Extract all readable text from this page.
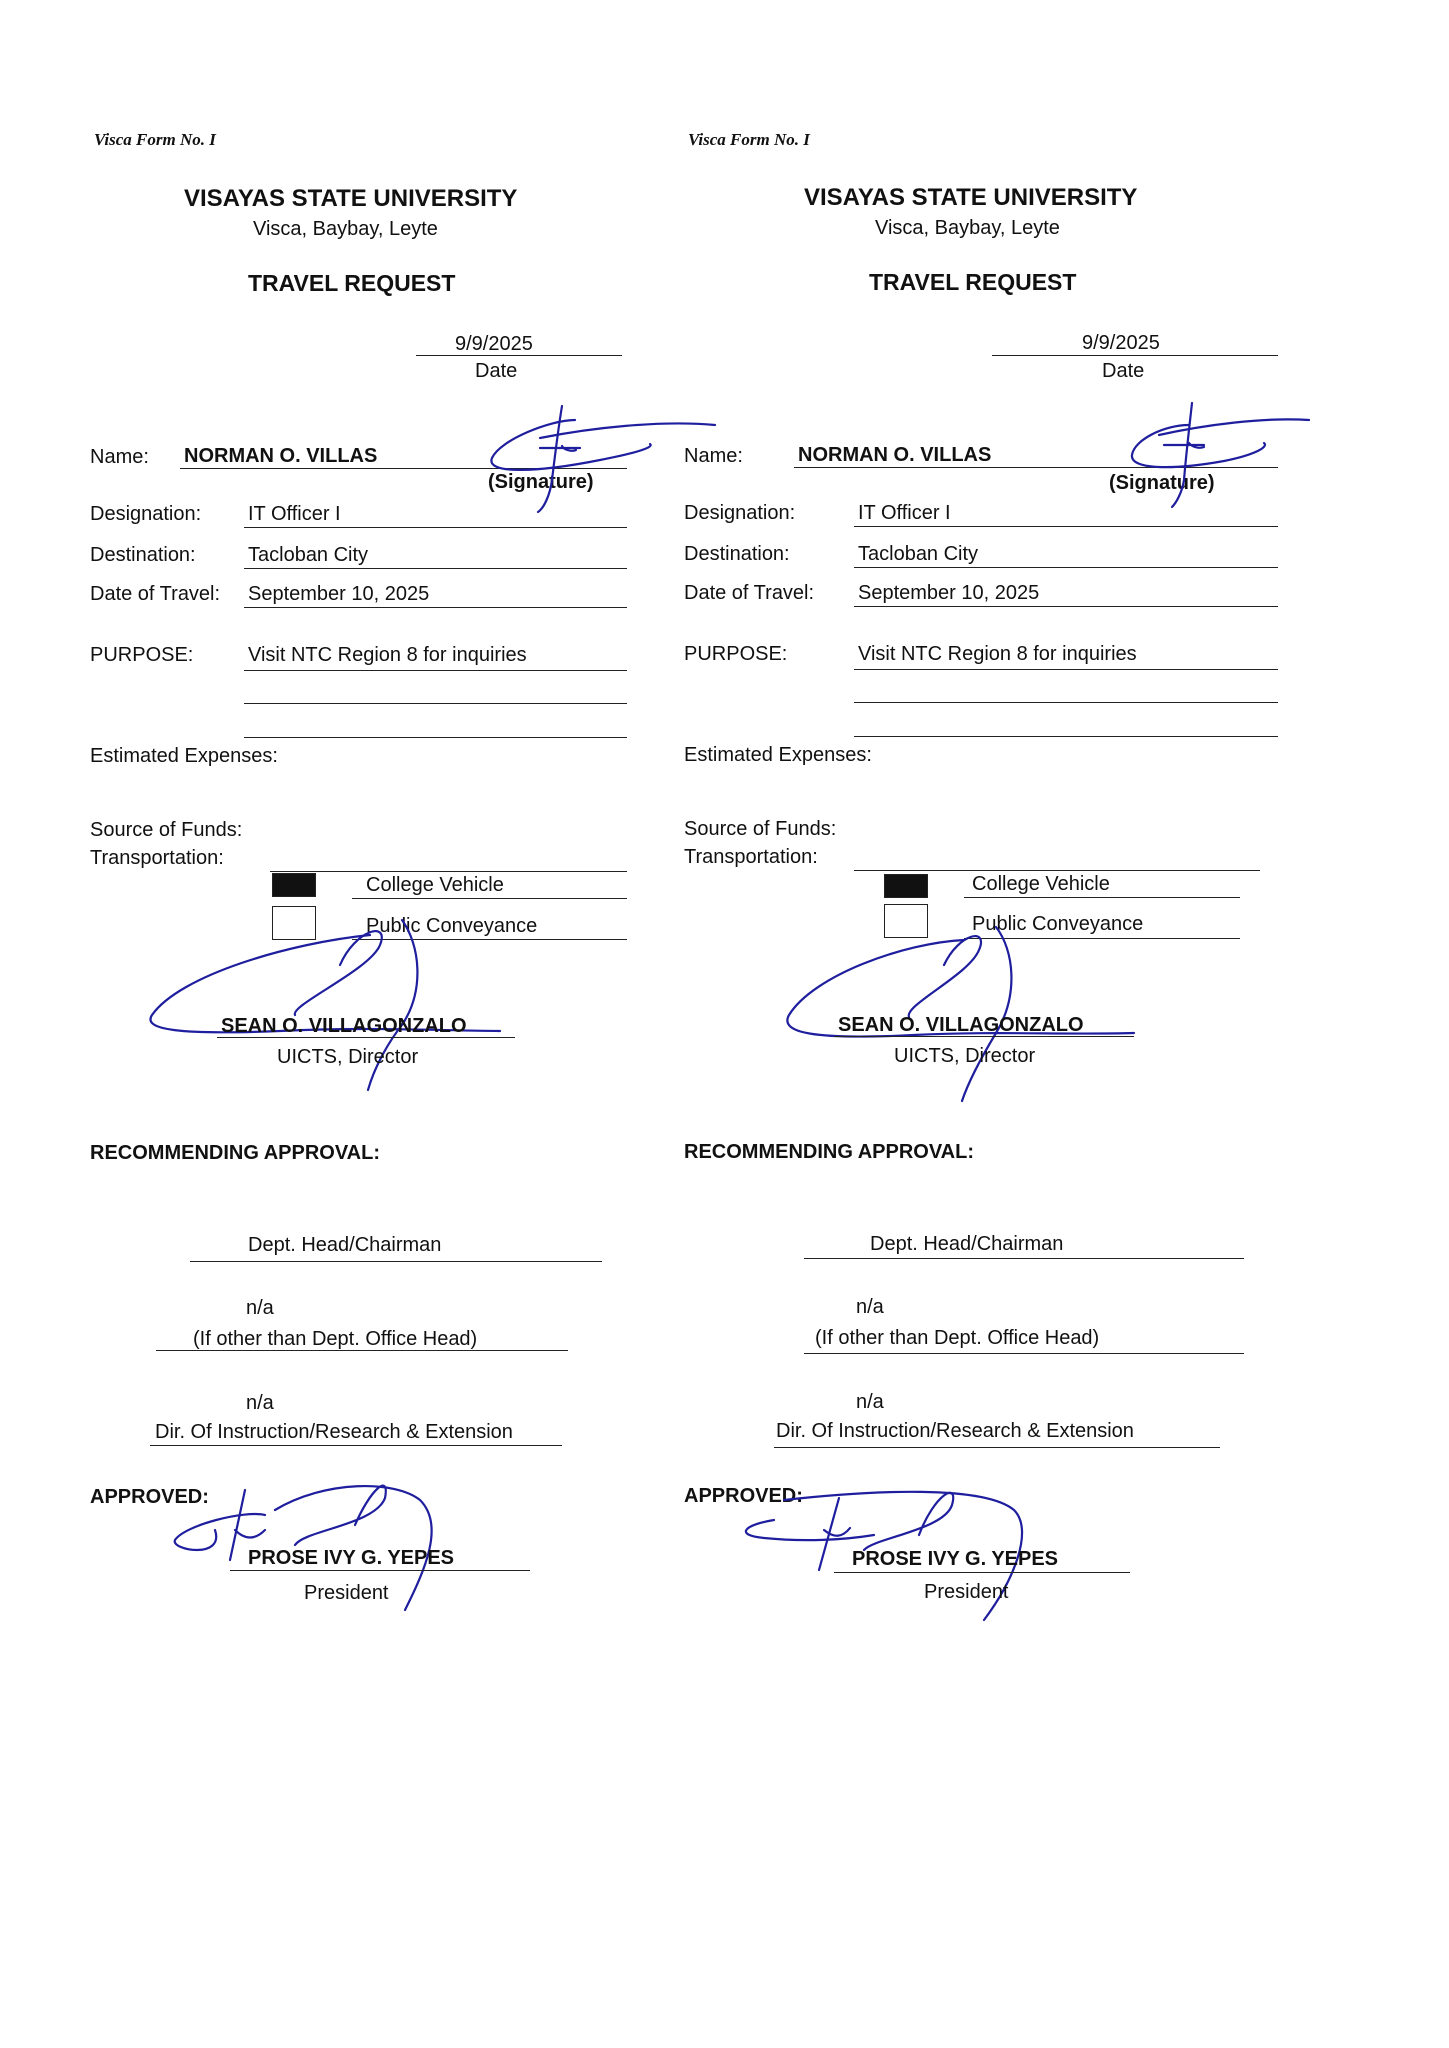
Visca Form No. I
VISAYAS STATE UNIVERSITY
Visca, Baybay, Leyte
TRAVEL REQUEST
9/9/2025
Date
Name: NORMAN O. VILLAS
(Signature)
Designation: IT Officer I
Destination:	Tacloban City
Date of Travel: September 10, 2025
PURPOSE:	Visit NTC Region 8 for inquiries
Estimated Expenses:
Source of Funds:
Transportation:
College Vehicle
Public Conveyance
SEAN O. VILLAGONZALO
UICTS, Director
RECOMMENDING APPROVAL:
Dept. Head/Chairman
n/a
(If other than Dept. Office Head)
n/a
Dir. Of Instruction/Research & Extension
APPROVED:
PROSE IVY G. YEPES
President
Visca Form No. I
VISAYAS STATE UNIVERSITY
Visca, Baybay, Leyte
TRAVEL REQUEST
9/9/2025
Date
Name:	NORMAN O. VILLAS
(Signature)
Designation:	IT Officer I
Destination:	Tacloban City
Date of Travel: September 10, 2025
PURPOSE:	Visit NTC Region 8 for inquiries
Estimated Expenses:
Source of Funds:
Transportation:
College Vehicle
Public Conveyance
SEAN O. VILLAGONZALO
UICTS, Director
RECOMMENDING APPROVAL:
Dept. Head/Chairman
n/a
(If other than Dept. Office Head)
n/a
Dir. Of Instruction/Research & Extension
APPROVED:
PROSE IVY G. YEPES
President
